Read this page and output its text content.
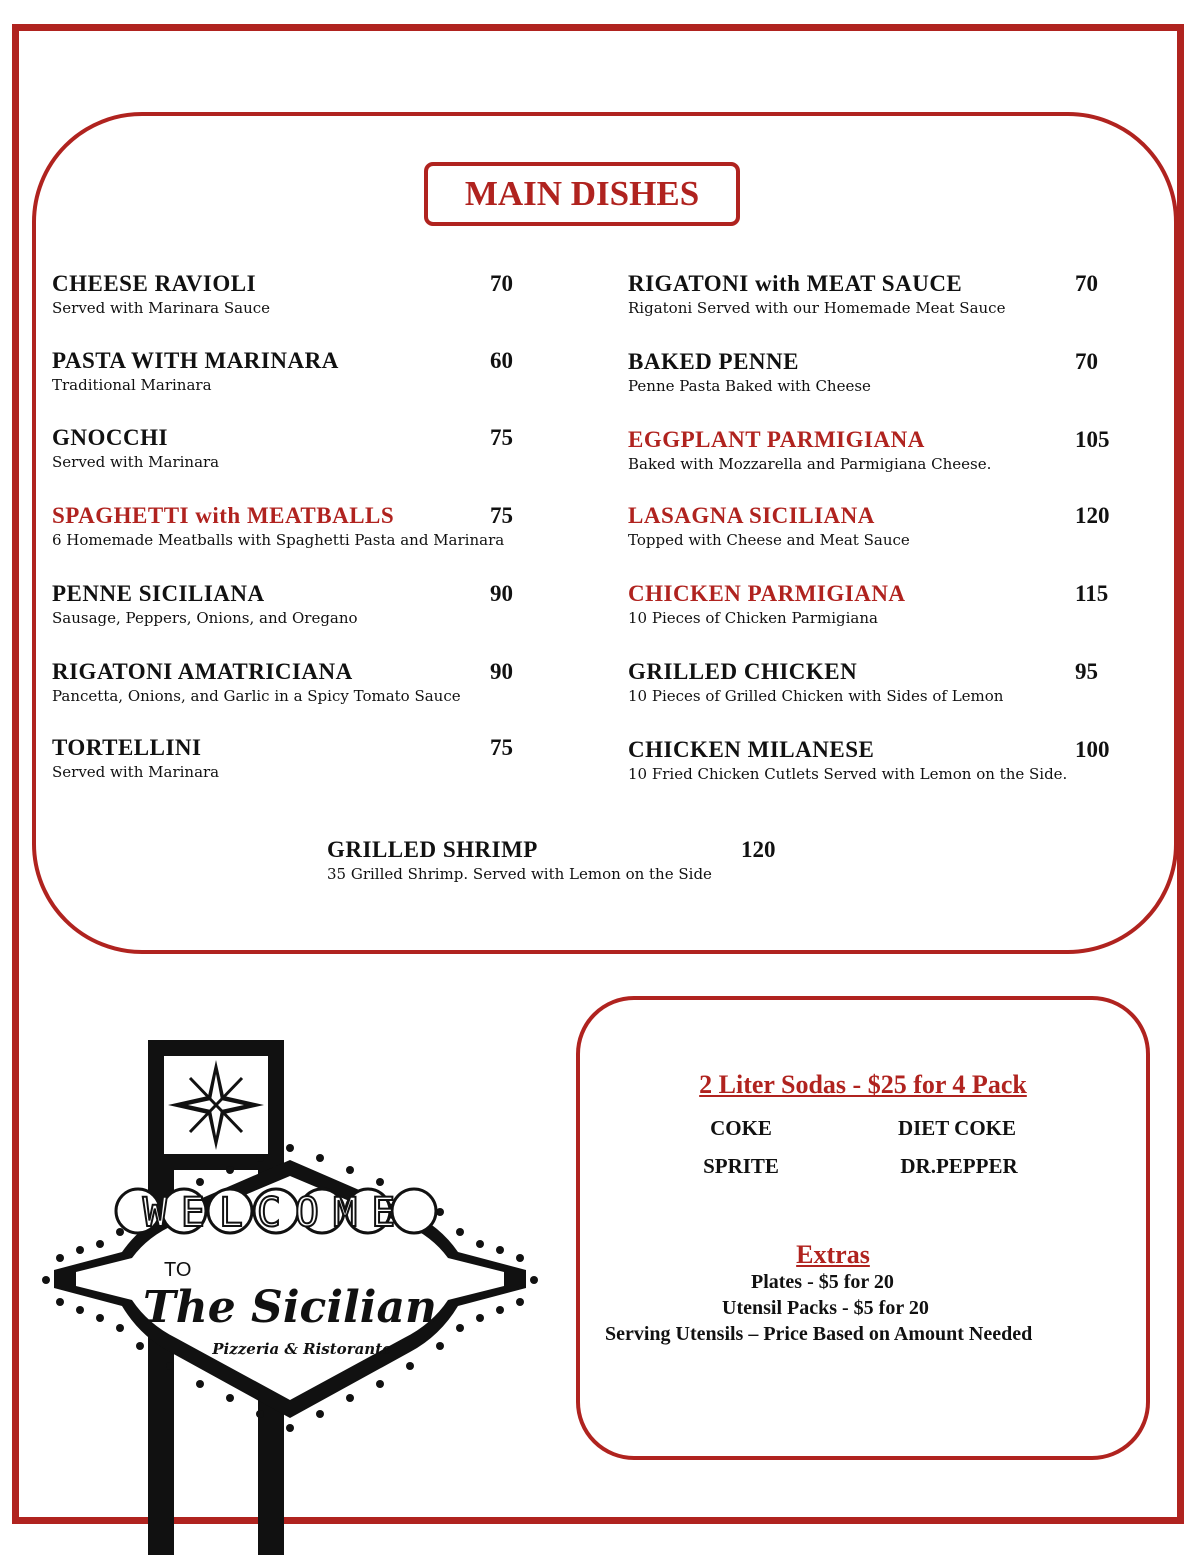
MAIN DISHES
CHEESE RAVIOLI
Served with Marinara Sauce
70
PASTA WITH MARINARA
Traditional Marinara
60
GNOCCHI
Served with Marinara
75
SPAGHETTI with MEATBALLS
6 Homemade Meatballs with Spaghetti Pasta and Marinara
75
PENNE SICILIANA
Sausage, Peppers, Onions, and Oregano
90
RIGATONI AMATRICIANA
Pancetta, Onions, and Garlic in a Spicy Tomato Sauce
90
TORTELLINI
Served with Marinara
75
RIGATONI with MEAT SAUCE
Rigatoni Served with our Homemade Meat Sauce
70
BAKED PENNE
Penne Pasta Baked with Cheese
70
EGGPLANT PARMIGIANA
Baked with Mozzarella and Parmigiana Cheese.
105
LASAGNA SICILIANA
Topped with Cheese and Meat Sauce
120
CHICKEN PARMIGIANA
10 Pieces of Chicken Parmigiana
115
GRILLED CHICKEN
10 Pieces of Grilled Chicken with Sides of Lemon
95
CHICKEN MILANESE
10 Fried Chicken Cutlets Served with Lemon on the Side.
100
GRILLED SHRIMP
35 Grilled Shrimp. Served with Lemon on the Side
120
2 Liter Sodas - $25 for 4 Pack
COKE	DIET COKE
SPRITE	DR.PEPPER
Extras
Plates - $5 for 20
Utensil Packs - $5 for 20
Serving Utensils – Price Based on Amount Needed
WELCOME
TO
The Sicilian
Pizzeria & Ristorante
